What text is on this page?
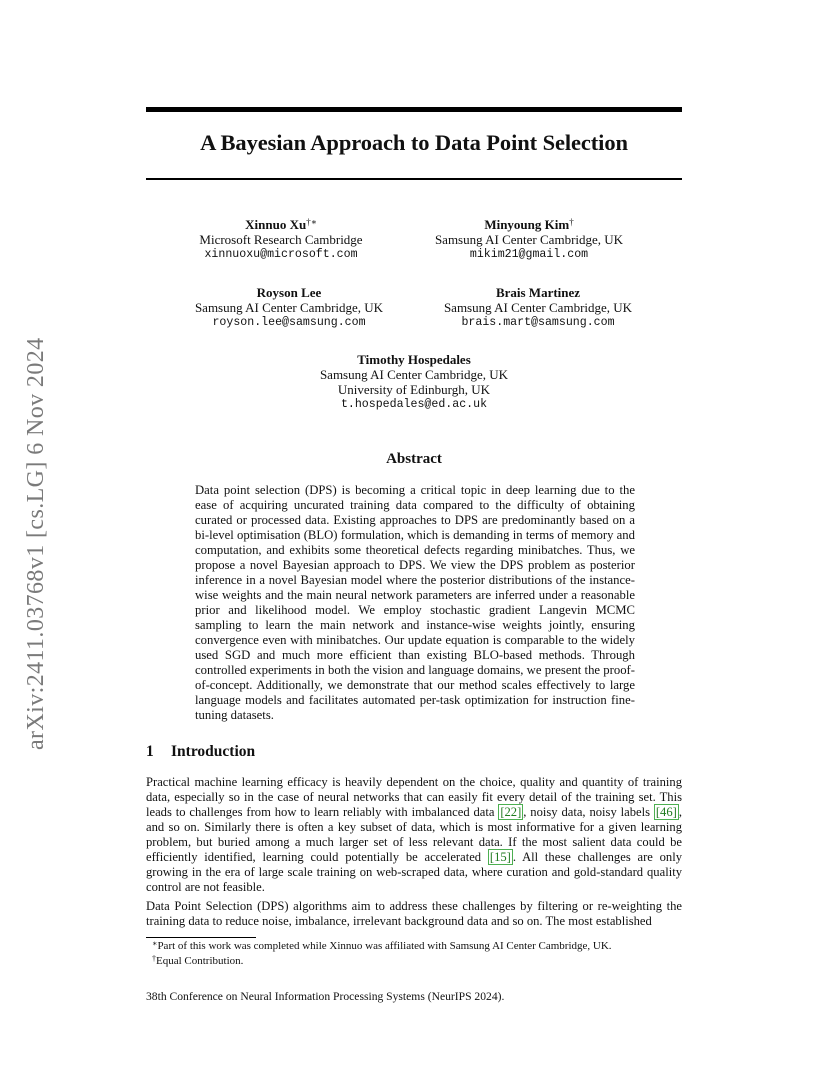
arXiv:2411.03768v1 [cs.LG] 6 Nov 2024
A Bayesian Approach to Data Point Selection
Xinnuo Xu†∗
Microsoft Research Cambridge
xinnuoxu@microsoft.com
Minyoung Kim†
Samsung AI Center Cambridge, UK
mikim21@gmail.com
Royson Lee
Samsung AI Center Cambridge, UK
royson.lee@samsung.com
Brais Martinez
Samsung AI Center Cambridge, UK
brais.mart@samsung.com
Timothy Hospedales
Samsung AI Center Cambridge, UK
University of Edinburgh, UK
t.hospedales@ed.ac.uk
Abstract
Data point selection (DPS) is becoming a critical topic in deep learning due to the ease of acquiring uncurated training data compared to the difficulty of obtaining curated or processed data. Existing approaches to DPS are predominantly based on a bi-level optimisation (BLO) formulation, which is demanding in terms of memory and computation, and exhibits some theoretical defects regarding minibatches. Thus, we propose a novel Bayesian approach to DPS. We view the DPS problem as posterior inference in a novel Bayesian model where the posterior distributions of the instance-wise weights and the main neural network parameters are inferred under a reasonable prior and likelihood model. We employ stochastic gradient Langevin MCMC sampling to learn the main network and instance-wise weights jointly, ensuring convergence even with minibatches. Our update equation is comparable to the widely used SGD and much more efficient than existing BLO-based methods. Through controlled experiments in both the vision and language domains, we present the proof-of-concept. Additionally, we demonstrate that our method scales effectively to large language models and facilitates automated per-task optimization for instruction fine-tuning datasets.
1 Introduction
Practical machine learning efficacy is heavily dependent on the choice, quality and quantity of training data, especially so in the case of neural networks that can easily fit every detail of the training set. This leads to challenges from how to learn reliably with imbalanced data [22] , noisy data, noisy labels [46] , and so on. Similarly there is often a key subset of data, which is most informative for a given learning problem, but buried among a much larger set of less relevant data. If the most salient data could be efficiently identified, learning could potentially be accelerated [15] . All these challenges are only growing in the era of large scale training on web-scraped data, where curation and gold-standard quality control are not feasible.
Data Point Selection (DPS) algorithms aim to address these challenges by filtering or re-weighting the training data to reduce noise, imbalance, irrelevant background data and so on. The most established
∗Part of this work was completed while Xinnuo was affiliated with Samsung AI Center Cambridge, UK.
†Equal Contribution.
38th Conference on Neural Information Processing Systems (NeurIPS 2024).
